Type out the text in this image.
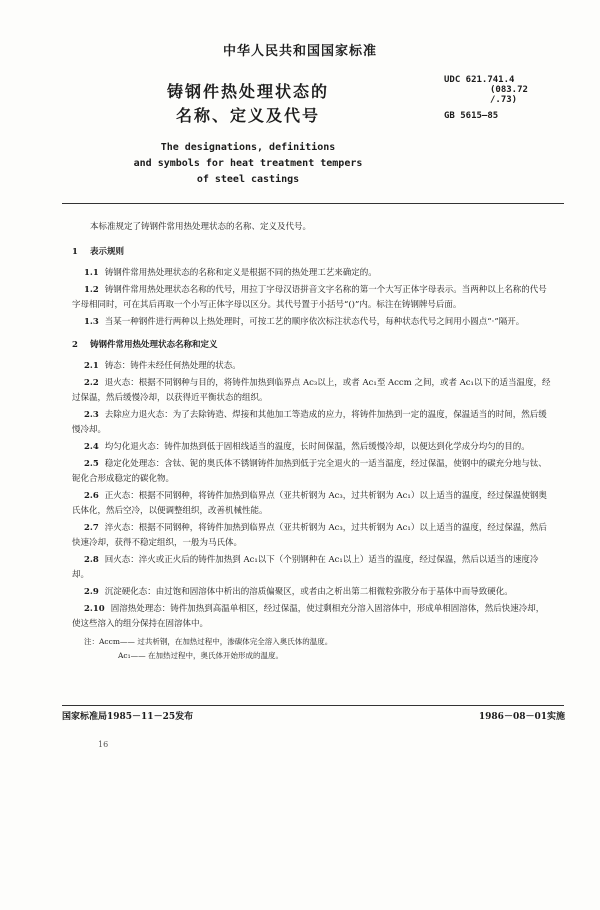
中华人民共和国国家标准
铸钢件热处理状态的
名称、定义及代号
UDC 621.741.4
(083.72
/.73)
GB 5615—85
The designations, definitions
and symbols for heat treatment tempers
of steel castings

本标准规定了铸钢件常用热处理状态的名称、定义及代号。

1 表示规则

1.1 铸钢件常用热处理状态的名称和定义是根据不同的热处理工艺来确定的。

1.2 铸钢件常用热处理状态名称的代号，用拉丁字母汉语拼音文字名称的第一个大写正体字母表示。当两种以上名称的代号字母相同时，可在其后再取一个小写正体字母以区分。其代号置于小括号“()”内。标注在铸钢牌号后面。

1.3 当某一种钢件进行两种以上热处理时，可按工艺的顺序依次标注状态代号，每种状态代号之间用小圆点“·”隔开。

2 铸钢件常用热处理状态名称和定义

2.1 铸态：铸件未经任何热处理的状态。

2.2 退火态：根据不同钢种与目的，将铸件加热到临界点 Ac₃以上，或者 Ac₁至 Accm 之间，或者 Ac₁以下的适当温度，经过保温，然后缓慢冷却，以获得近平衡状态的组织。

2.3 去除应力退火态：为了去除铸造、焊接和其他加工等造成的应力，将铸件加热到一定的温度，保温适当的时间，然后缓慢冷却。

2.4 均匀化退火态：铸件加热到低于固相线适当的温度，长时间保温，然后缓慢冷却，以便达到化学成分均匀的目的。

2.5 稳定化处理态：含钛、铌的奥氏体不锈钢铸件加热到低于完全退火的一适当温度，经过保温，使钢中的碳充分地与钛、铌化合形成稳定的碳化物。

2.6 正火态：根据不同钢种，将铸件加热到临界点（亚共析钢为 Ac₃，过共析钢为 Ac₁）以上适当的温度，经过保温使钢奥氏体化，然后空冷，以便调整组织，改善机械性能。

2.7 淬火态：根据不同钢种，将铸件加热到临界点（亚共析钢为 Ac₃，过共析钢为 Ac₁）以上适当的温度，经过保温，然后快速冷却，获得不稳定组织，一般为马氏体。

2.8 回火态：淬火或正火后的铸件加热到 Ac₁以下（个别钢种在 Ac₁以上）适当的温度，经过保温，然后以适当的速度冷却。

2.9 沉淀硬化态：由过饱和固溶体中析出的溶质偏聚区，或者由之析出第二相微粒弥散分布于基体中而导致硬化。

2.10 固溶热处理态：铸件加热到高温单相区，经过保温，使过剩相充分溶入固溶体中，形成单相固溶体，然后快速冷却，使这些溶入的组分保持在固溶体中。

注：Accm—— 过共析钢，在加热过程中，渗碳体完全溶入奥氏体的温度。
Ac₁—— 在加热过程中，奥氏体开始形成的温度。
国家标准局1985－11－25发布	1986－08－01实施
16
